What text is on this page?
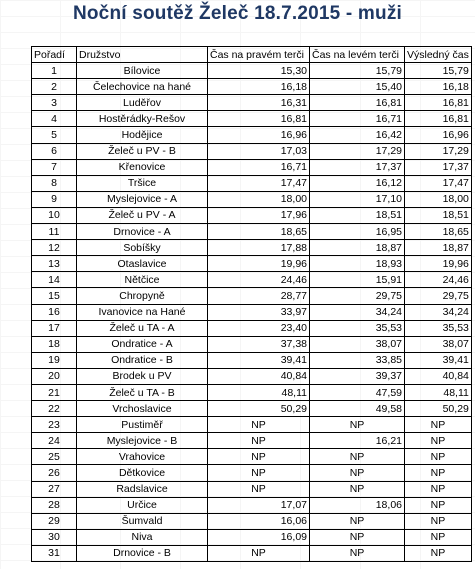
Noční soutěž Želeč 18.7.2015 - muži
Pořadí	Družstvo	Čas na pravém terči	Čas na levém terči	Výsledný čas
1	Bílovice	15,30	15,79	15,79
2	Čelechovice na hané	16,18	15,40	16,18
3	Luděřov	16,31	16,81	16,81
4	Hostěrádky-Rešov	16,81	16,71	16,81
5	Hodějice	16,96	16,42	16,96
6	Želeč u PV - B	17,03	17,29	17,29
7	Křenovice	16,71	17,37	17,37
8	Tršice	17,47	16,12	17,47
9	Myslejovice - A	18,00	17,10	18,00
10	Želeč u PV - A	17,96	18,51	18,51
11	Drnovice - A	18,65	16,95	18,65
12	Sobíšky	17,88	18,87	18,87
13	Otaslavice	19,96	18,93	19,96
14	Nětčice	24,46	15,91	24,46
15	Chropyně	28,77	29,75	29,75
16	Ivanovice na Hané	33,97	34,24	34,24
17	Želeč u TA - A	23,40	35,53	35,53
18	Ondratice - A	37,38	38,07	38,07
19	Ondratice - B	39,41	33,85	39,41
20	Brodek u PV	40,84	39,37	40,84
21	Želeč u TA - B	48,11	47,59	48,11
22	Vrchoslavice	50,29	49,58	50,29
23	Pustiměř	NP	NP	NP
24	Myslejovice - B	NP	16,21	NP
25	Vrahovice	NP	NP	NP
26	Dětkovice	NP	NP	NP
27	Radslavice	NP	NP	NP
28	Určice	17,07	18,06	NP
29	Šumvald	16,06	NP	NP
30	Niva	16,09	NP	NP
31	Drnovice - B	NP	NP	NP
